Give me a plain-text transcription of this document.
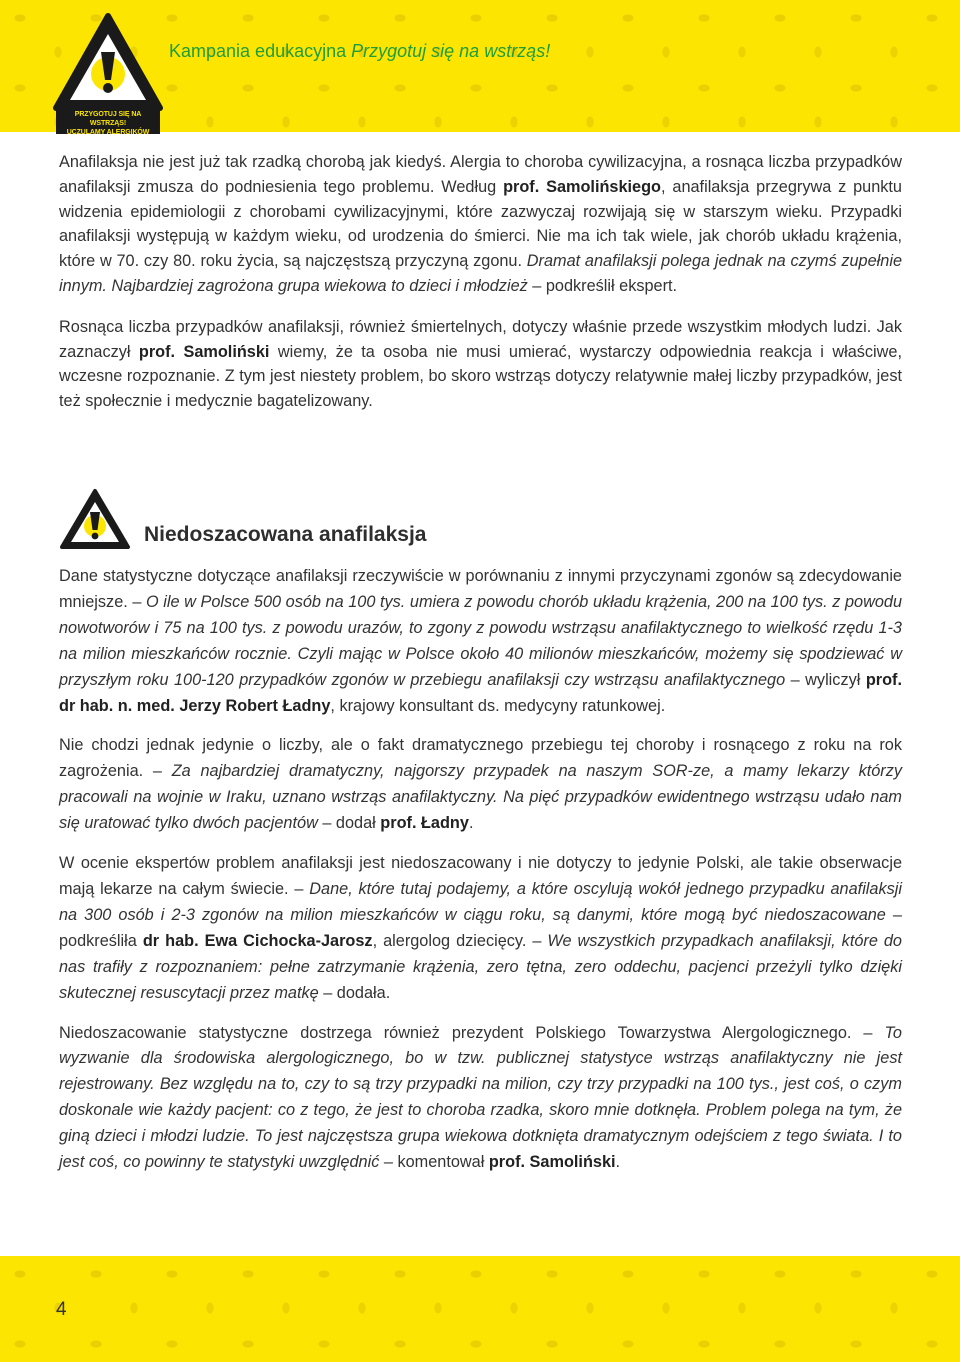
PRZYGOTUJ SIĘ NA WSTRZĄS!
UCZULAMY ALERGIKÓW
Kampania edukacyjna Przygotuj się na wstrząs!

Anafilaksja nie jest już tak rzadką chorobą jak kiedyś. Alergia to choroba cywilizacyjna, a rosnąca liczba przypadków anafilaksji zmusza do podniesienia tego problemu. Według prof. Samolińskiego, anafilaksja przegrywa z punktu widzenia epidemiologii z chorobami cywilizacyjnymi, które zazwyczaj rozwijają się w starszym wieku. Przypadki anafilaksji występują w każdym wieku, od urodzenia do śmierci. Nie ma ich tak wiele, jak chorób układu krążenia, które w 70. czy 80. roku życia, są najczęstszą przyczyną zgonu. Dramat anafilaksji polega jednak na czymś zupełnie innym. Najbardziej zagrożona grupa wiekowa to dzieci i młodzież – podkreślił ekspert.

Rosnąca liczba przypadków anafilaksji, również śmiertelnych, dotyczy właśnie przede wszystkim młodych ludzi. Jak zaznaczył prof. Samoliński wiemy, że ta osoba nie musi umierać, wystarczy odpowiednia reakcja i właściwe, wczesne rozpoznanie. Z tym jest niestety problem, bo skoro wstrząs dotyczy relatywnie małej liczby przypadków, jest też społecznie i medycznie bagatelizowany.

Niedoszacowana anafilaksja

Dane statystyczne dotyczące anafilaksji rzeczywiście w porównaniu z innymi przyczynami zgonów są zdecydowanie mniejsze. – O ile w Polsce 500 osób na 100 tys. umiera z powodu chorób układu krążenia, 200 na 100 tys. z powodu nowotworów i 75 na 100 tys. z powodu urazów, to zgony z powodu wstrząsu anafilaktycznego to wielkość rzędu 1-3 na milion mieszkańców rocznie. Czyli mając w Polsce około 40 milionów mieszkańców, możemy się spodziewać w przyszłym roku 100-120 przypadków zgonów w przebiegu anafilaksji czy wstrząsu anafilaktycznego – wyliczył prof. dr hab. n. med. Jerzy Robert Ładny, krajowy konsultant ds. medycyny ratunkowej.

Nie chodzi jednak jedynie o liczby, ale o fakt dramatycznego przebiegu tej choroby i rosnącego z roku na rok zagrożenia. – Za najbardziej dramatyczny, najgorszy przypadek na naszym SOR-ze, a mamy lekarzy którzy pracowali na wojnie w Iraku, uznano wstrząs anafilaktyczny. Na pięć przypadków ewidentnego wstrząsu udało nam się uratować tylko dwóch pacjentów – dodał prof. Ładny.

W ocenie ekspertów problem anafilaksji jest niedoszacowany i nie dotyczy to jedynie Polski, ale takie obserwacje mają lekarze na całym świecie. – Dane, które tutaj podajemy, a które oscylują wokół jednego przypadku anafilaksji na 300 osób i 2-3 zgonów na milion mieszkańców w ciągu roku, są danymi, które mogą być niedoszacowane – podkreśliła dr hab. Ewa Cichocka-Jarosz, alergolog dziecięcy. – We wszystkich przypadkach anafilaksji, które do nas trafiły z rozpoznaniem: pełne zatrzymanie krążenia, zero tętna, zero oddechu, pacjenci przeżyli tylko dzięki skutecznej resuscytacji przez matkę – dodała.

Niedoszacowanie statystyczne dostrzega również prezydent Polskiego Towarzystwa Alergologicznego. – To wyzwanie dla środowiska alergologicznego, bo w tzw. publicznej statystyce wstrząs anafilaktyczny nie jest rejestrowany. Bez względu na to, czy to są trzy przypadki na milion, czy trzy przypadki na 100 tys., jest coś, o czym doskonale wie każdy pacjent: co z tego, że jest to choroba rzadka, skoro mnie dotknęła. Problem polega na tym, że giną dzieci i młodzi ludzie. To jest najczęstsza grupa wiekowa dotknięta dramatycznym odejściem z tego świata. I to jest coś, co powinny te statystyki uwzględnić – komentował prof. Samoliński.

4
